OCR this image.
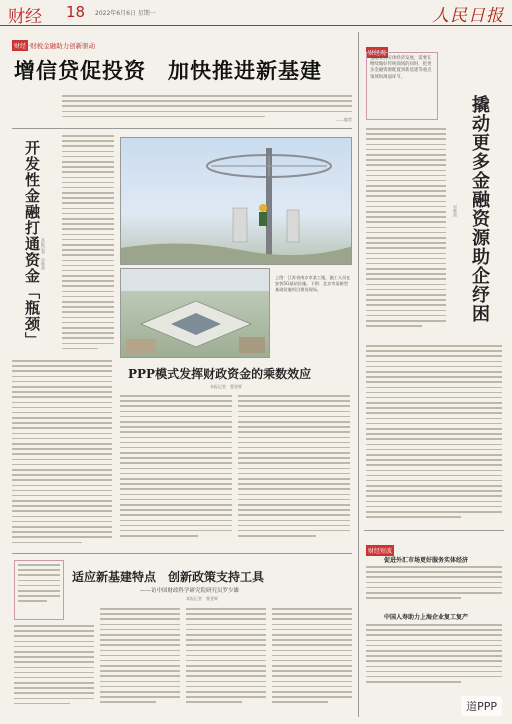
财经 18 2022年6月6日 星期一	人民日报
财经 ·财税金融助力创新驱动
增信贷促投资　加快推进新基建
——编者
开发性金融打通资金「瓶颈」 本报记者　吴秋余
上图：江苏省南京市某工地，施工人员在安装5G基站设施。下图：北京市某新型基础设施项目建设现场。
PPP模式发挥财政资金的乘数效应
本报记者　曹金辉
适应新基建特点　创新政策支持工具
——访中国财政科学研究院研究员罗少雄
本报记者　曹金辉
财经观
金融支持实体经济发展，需要在继续做好传统领域的同时，把更多金融资源配置到新基建等重点领域和薄弱环节。
撬动更多金融资源助企纾困
吴秋余
财经短波
促进外汇市场更好服务实体经济
中国人寿助力上海企业复工复产
道PPP
